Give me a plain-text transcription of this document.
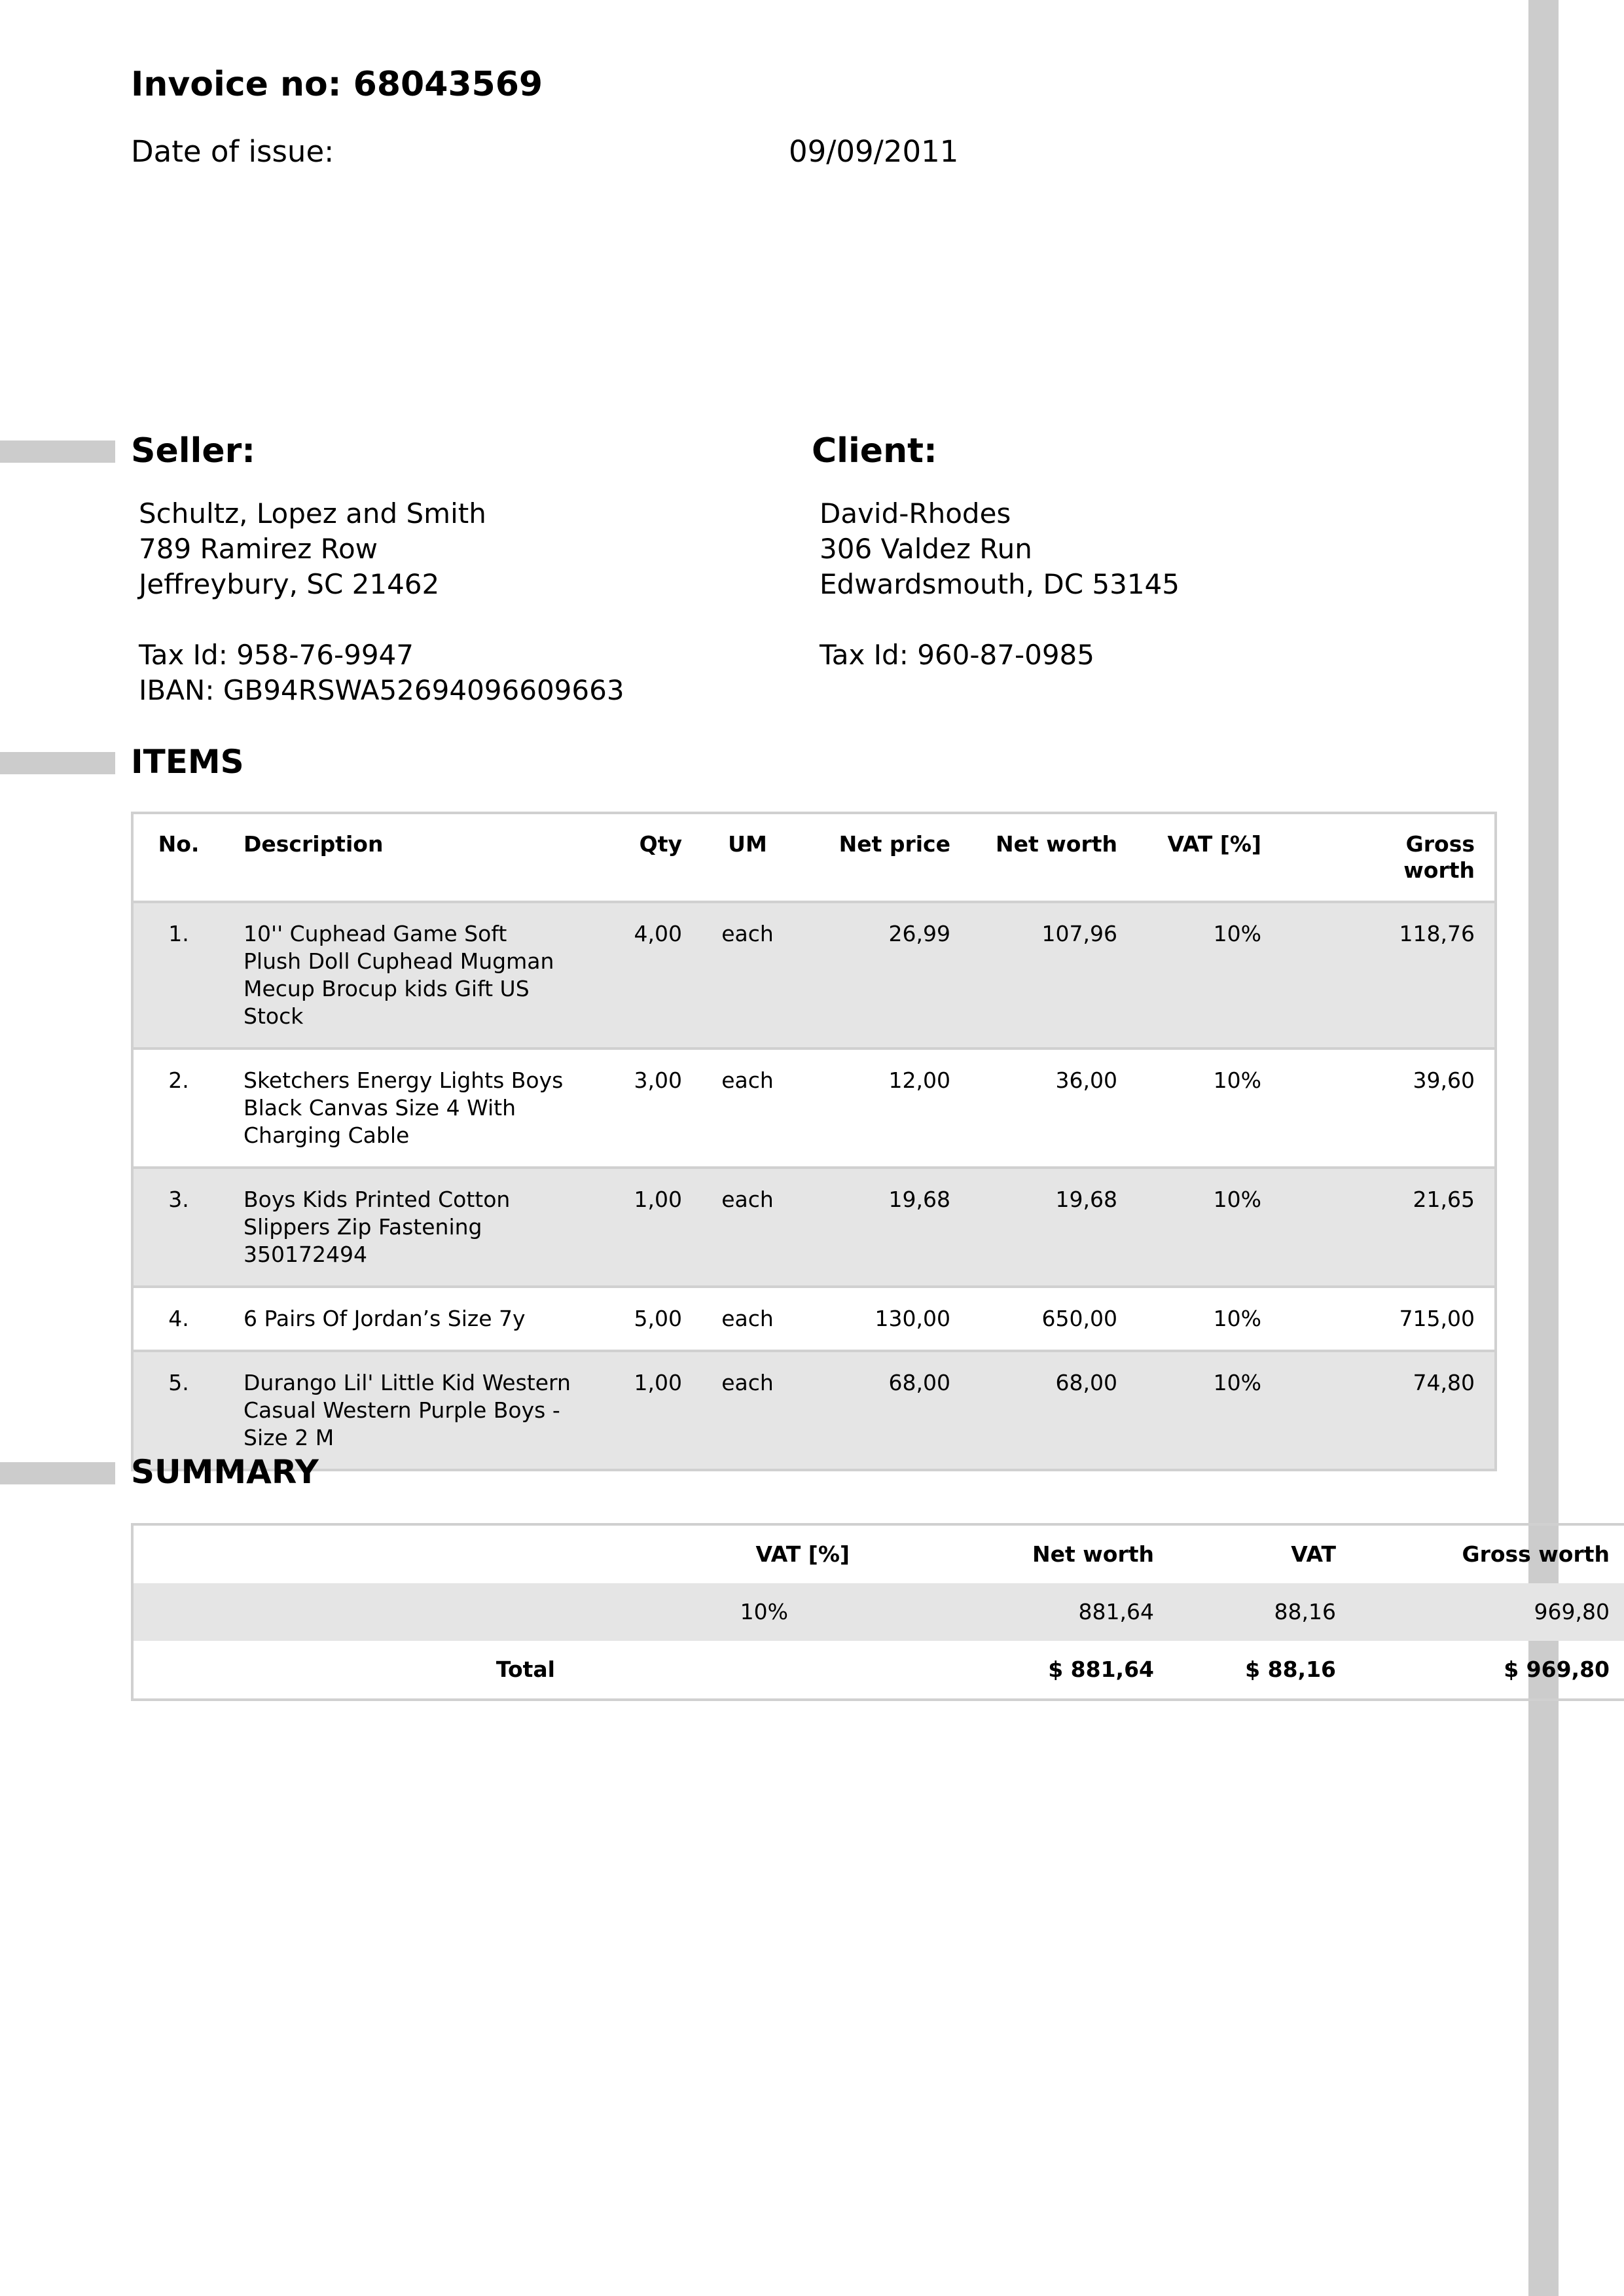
Invoice no: 68043569
Date of issue:	09/09/2011
Seller:
Schultz, Lopez and Smith
789 Ramirez Row
Jeffreybury, SC 21462
Tax Id: 958-76-9947
IBAN: GB94RSWA52694096609663
Client:
David-Rhodes
306 Valdez Run
Edwardsmouth, DC 53145
Tax Id: 960-87-0985
ITEMS
No.	Description	Qty	UM	Net price	Net worth	VAT [%]	Gross
worth
1.	10'' Cuphead Game Soft Plush Doll Cuphead Mugman Mecup Brocup kids Gift US Stock	4,00	each	26,99	107,96	10%	118,76
2.	Sketchers Energy Lights Boys Black Canvas Size 4 With Charging Cable	3,00	each	12,00	36,00	10%	39,60
3.	Boys Kids Printed Cotton Slippers Zip Fastening 350172494	1,00	each	19,68	19,68	10%	21,65
4.	6 Pairs Of Jordan’s Size 7y	5,00	each	130,00	650,00	10%	715,00
5.	Durango Lil' Little Kid Western Casual Western Purple Boys - Size 2 M	1,00	each	68,00	68,00	10%	74,80
SUMMARY
	VAT [%]	Net worth	VAT	Gross worth
	10%	881,64	88,16	969,80
Total		$ 881,64	$ 88,16	$ 969,80
